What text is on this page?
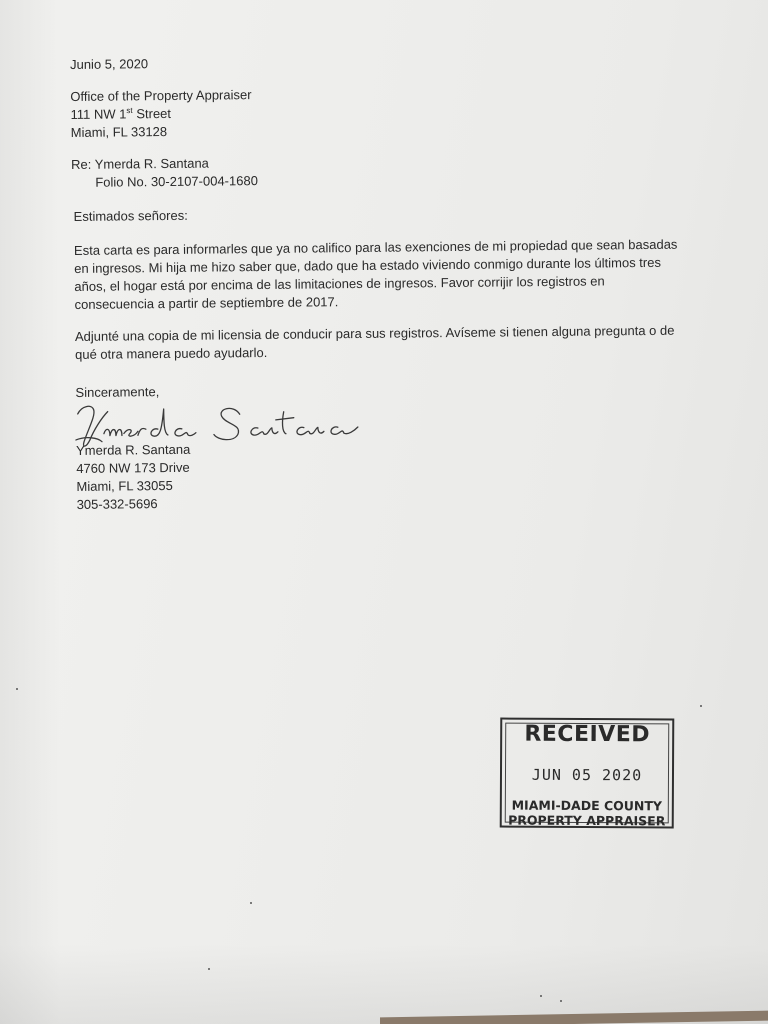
Junio 5, 2020
Office of the Property Appraiser
111 NW 1st Street
Miami, FL 33128
Re: Ymerda R. Santana
Folio No. 30-2107-004-1680
Estimados señores:
Esta carta es para informarles que ya no califico para las exenciones de mi propiedad que sean basadas
en ingresos. Mi hija me hizo saber que, dado que ha estado viviendo conmigo durante los últimos tres
años, el hogar está por encima de las limitaciones de ingresos. Favor corrijir los registros en
consecuencia a partir de septiembre de 2017.
Adjunté una copia de mi licensia de conducir para sus registros. Avíseme si tienen alguna pregunta o de
qué otra manera puedo ayudarlo.
Sinceramente,
Ymerda R. Santana
4760 NW 173 Drive
Miami, FL 33055
305-332-5696
RECEIVED
JUN 05 2020
MIAMI-DADE COUNTY
PROPERTY APPRAISER
